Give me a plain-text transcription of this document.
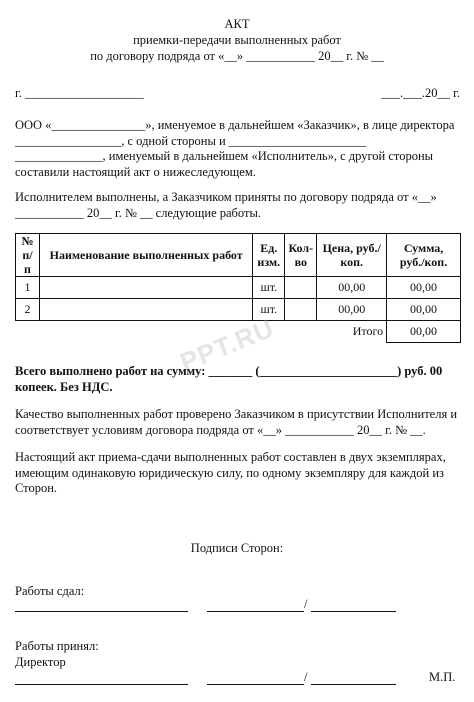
АКТ
приемки-передачи выполненных работ
по договору подряда от «__» ___________ 20__ г. № __
г. ___________________	___.___.20__ г.
ООО «_______________», именуемое в дальнейшем «Заказчик», в лице директора _________________, с одной стороны и ______________________ ______________, именуемый в дальнейшем «Исполнитель», с другой стороны составили настоящий акт о нижеследующем.
Исполнителем выполнены, а Заказчиком приняты по договору подряда от «__» ___________ 20__ г. № __ следующие работы.
№ п/п	Наименование выполненных работ	Ед. изм.	Кол-во	Цена, руб./коп.	Сумма, руб./коп.
1		шт.		00,00	00,00
2		шт.		00,00	00,00
Итого					00,00
PPT.RU
Всего выполнено работ на сумму: _______ (______________________) руб. 00 копеек. Без НДС.
Качество выполненных работ проверено Заказчиком в присутствии Исполнителя и соответствует условиям договора подряда от «__» ___________ 20__ г. № __.
Настоящий акт приема-сдачи выполненных работ составлен в двух экземплярах, имеющим одинаковую юридическую силу, по одному экземпляру для каждой из Сторон.
Подписи Сторон:
Работы сдал:
/
Работы принял:
Директор
/	М.П.
